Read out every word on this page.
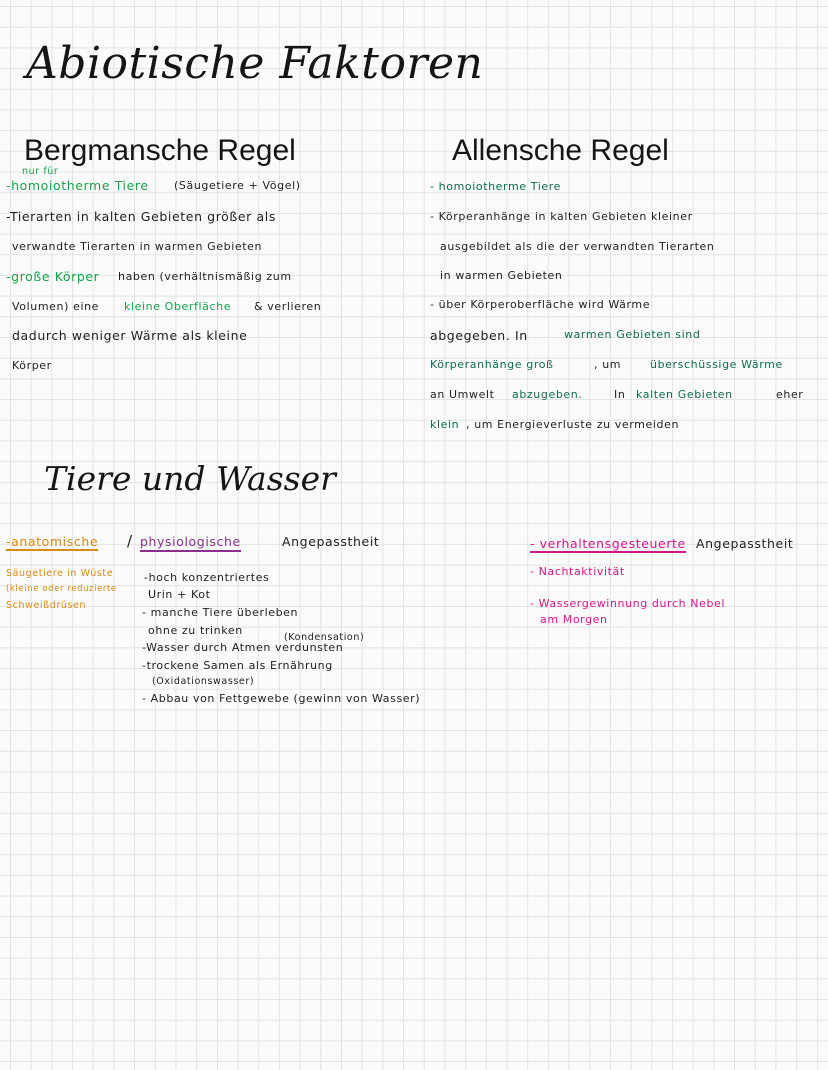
Abiotische Faktoren
Bergmansche Regel
nur für
-homoiotherme Tiere (Säugetiere + Vögel)
-Tierarten in kalten Gebieten größer als
verwandte Tierarten in warmen Gebieten
-große Körper haben (verhältnismäßig zum
Volumen) eine kleine Oberfläche & verlieren
dadurch weniger Wärme als kleine
Körper
Allensche Regel
- homoiotherme Tiere
- Körperanhänge in kalten Gebieten kleiner
ausgebildet als die der verwandten Tierarten
in warmen Gebieten
- über Körperoberfläche wird Wärme
abgegeben. In	warmen Gebieten sind
Körperanhänge groß	, um	überschüssige Wärme
an Umwelt abzugeben.	In kalten Gebieten	eher
klein , um Energieverluste zu vermeiden
Tiere und Wasser
-anatomische / physiologische	Angepasstheit
Säugetiere in Wüste
(kleine oder reduzierte
Schweißdrüsen
-hoch konzentriertes
Urin + Kot
- manche Tiere überleben
ohne zu trinken
(Kondensation)
-Wasser durch Atmen verdunsten
-trockene Samen als Ernährung
(Oxidationswasser)
- Abbau von Fettgewebe (gewinn von Wasser)
- verhaltensgesteuerte Angepasstheit
- Nachtaktivität
- Wassergewinnung durch Nebel
am Morgen
